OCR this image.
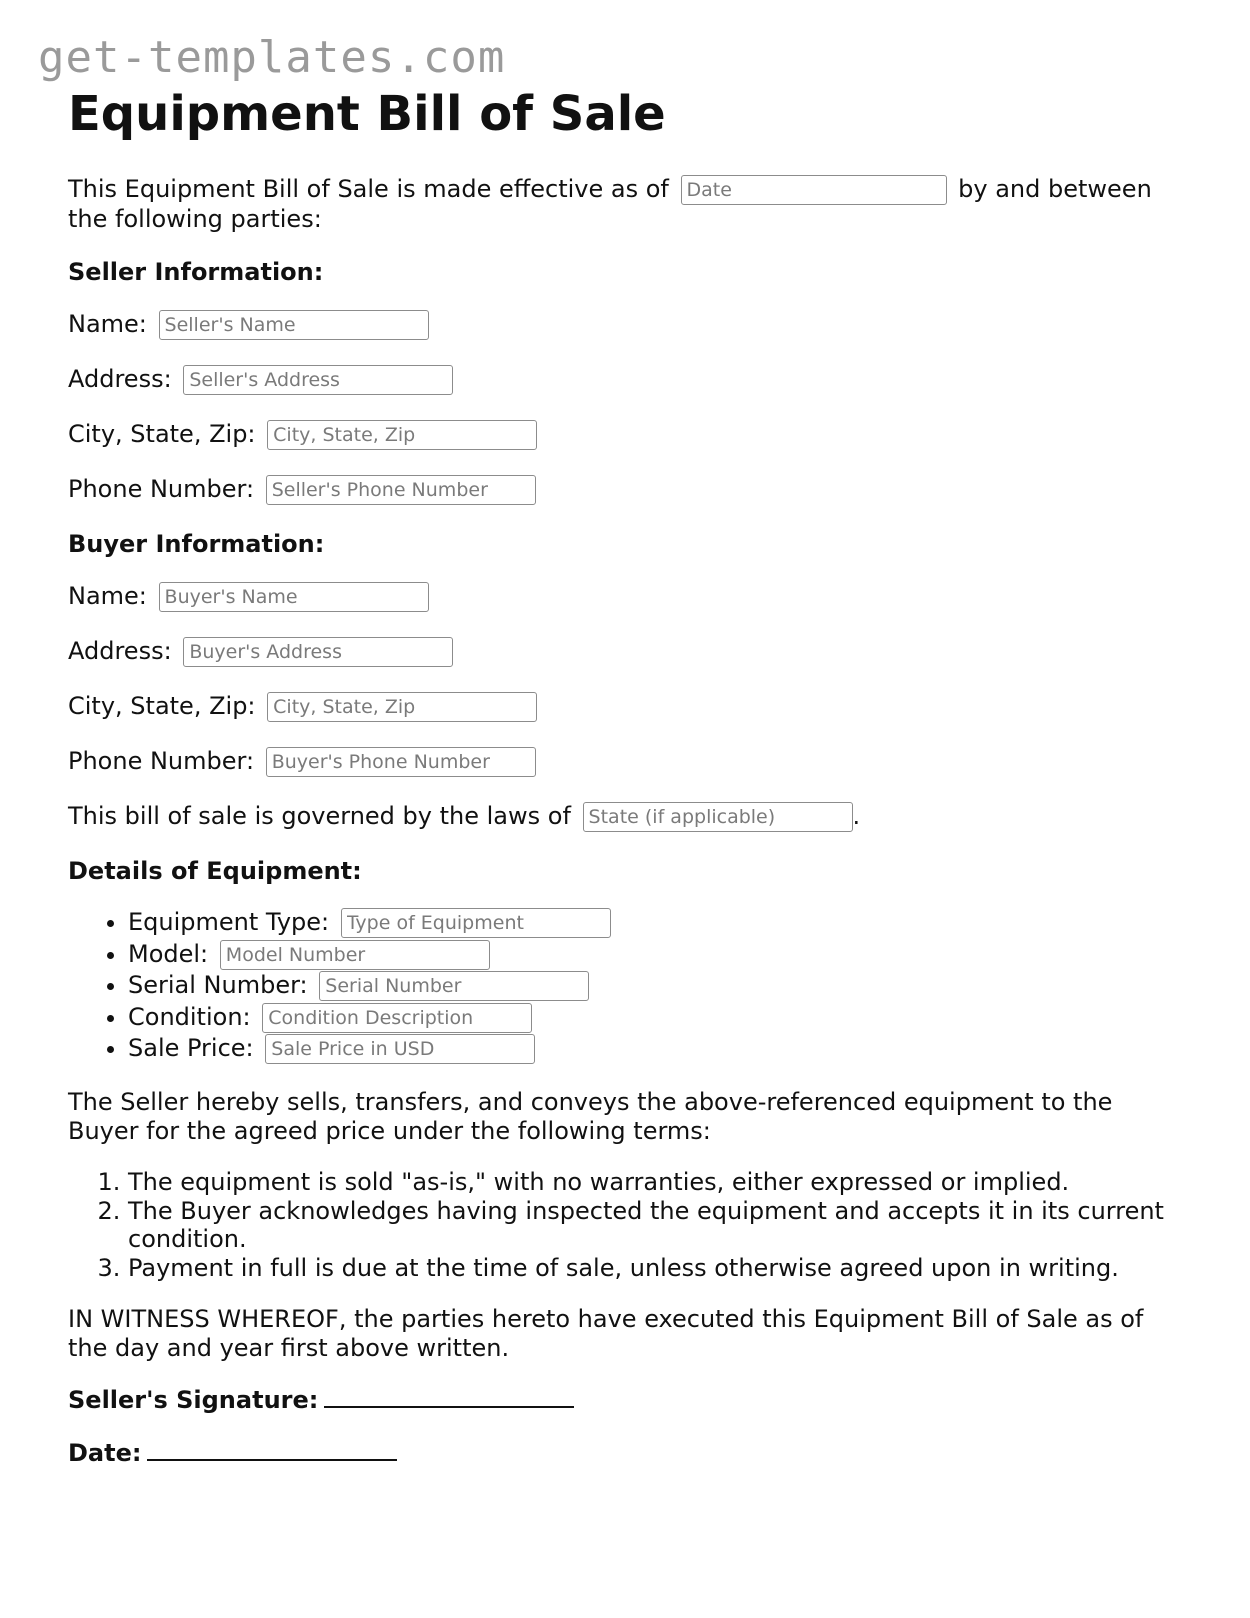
get-templates.com
Equipment Bill of Sale
This Equipment Bill of Sale is made effective as of Date	by and between
the following parties:
Seller Information:
Name: Seller's Name
Address: Seller's Address
City, State, Zip: City, State, Zip
Phone Number: Seller's Phone Number
Buyer Information:
Name: Buyer's Name
Address: Buyer's Address
City, State, Zip: City, State, Zip
Phone Number: Buyer's Phone Number
This bill of sale is governed by the laws of State (if applicable)	.
Details of Equipment:
• Equipment Type: Type of Equipment
• Model: Model Number
• Serial Number: Serial Number
• Condition: Condition Description
• Sale Price: Sale Price in USD
The Seller hereby sells, transfers, and conveys the above-referenced equipment to the Buyer for the agreed price under the following terms:
1. The equipment is sold "as-is," with no warranties, either expressed or implied.
2. The Buyer acknowledges having inspected the equipment and accepts it in its current condition.
3. Payment in full is due at the time of sale, unless otherwise agreed upon in writing.
IN WITNESS WHEREOF, the parties hereto have executed this Equipment Bill of Sale as of the day and year first above written.
Seller's Signature:
Date:
